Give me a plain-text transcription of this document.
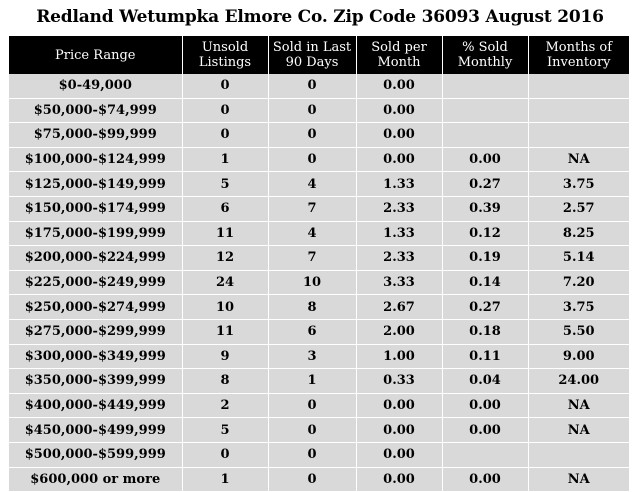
Redland Wetumpka Elmore Co. Zip Code 36093 August 2016
Price Range	Unsold Listings	Sold in Last 90 Days	Sold per Month	% Sold Monthly	Months of Inventory
$0-49,000	0	0	0.00		
$50,000-$74,999	0	0	0.00		
$75,000-$99,999	0	0	0.00		
$100,000-$124,999	1	0	0.00	0.00	NA
$125,000-$149,999	5	4	1.33	0.27	3.75
$150,000-$174,999	6	7	2.33	0.39	2.57
$175,000-$199,999	11	4	1.33	0.12	8.25
$200,000-$224,999	12	7	2.33	0.19	5.14
$225,000-$249,999	24	10	3.33	0.14	7.20
$250,000-$274,999	10	8	2.67	0.27	3.75
$275,000-$299,999	11	6	2.00	0.18	5.50
$300,000-$349,999	9	3	1.00	0.11	9.00
$350,000-$399,999	8	1	0.33	0.04	24.00
$400,000-$449,999	2	0	0.00	0.00	NA
$450,000-$499,999	5	0	0.00	0.00	NA
$500,000-$599,999	0	0	0.00		
$600,000 or more	1	0	0.00	0.00	NA
